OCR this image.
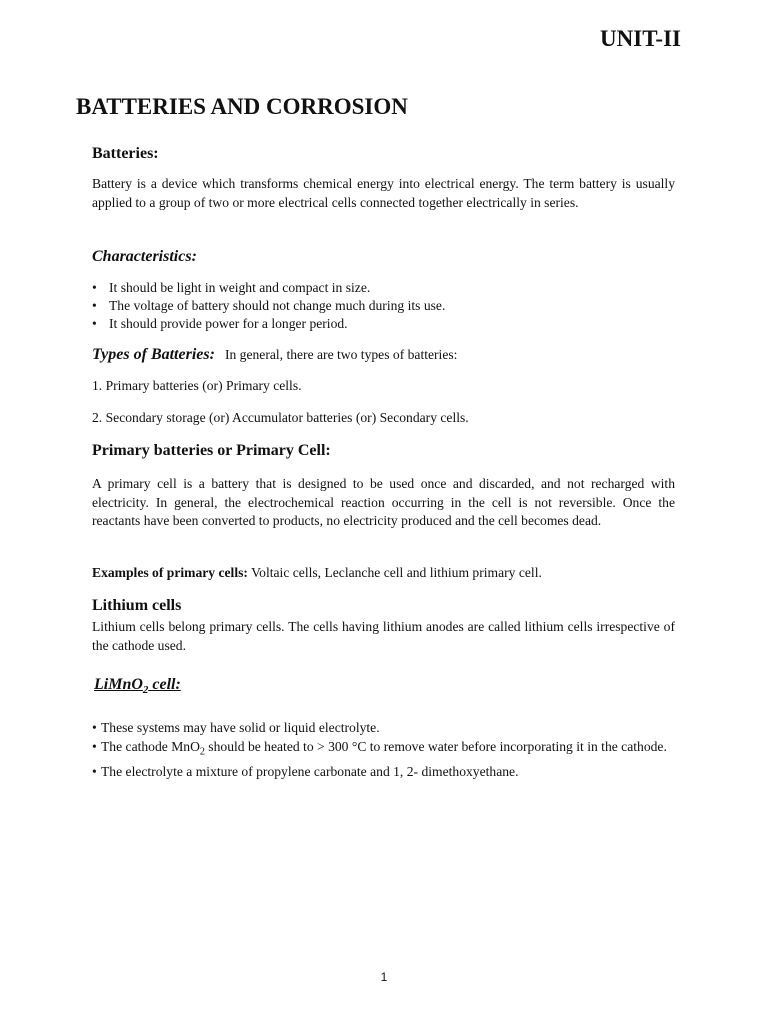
UNIT-II
BATTERIES AND CORROSION
Batteries:
Battery is a device which transforms chemical energy into electrical energy. The term battery is usually applied to a group of two or more electrical cells connected together electrically in series.
Characteristics:
• It should be light in weight and compact in size.
• The voltage of battery should not change much during its use.
• It should provide power for a longer period.
Types of Batteries: In general, there are two types of batteries:
1. Primary batteries (or) Primary cells.
2. Secondary storage (or) Accumulator batteries (or) Secondary cells.
Primary batteries or Primary Cell:
A primary cell is a battery that is designed to be used once and discarded, and not recharged with electricity. In general, the electrochemical reaction occurring in the cell is not reversible. Once the reactants have been converted to products, no electricity produced and the cell becomes dead.
Examples of primary cells: Voltaic cells, Leclanche cell and lithium primary cell.
Lithium cells
Lithium cells belong primary cells. The cells having lithium anodes are called lithium cells irrespective of the cathode used.
LiMnO$_2$ cell:
• These systems may have solid or liquid electrolyte.
• The cathode MnO$_2$ should be heated to > 300 °C to remove water before incorporating it in the cathode.
• The electrolyte a mixture of propylene carbonate and 1, 2- dimethoxyethane.
1
